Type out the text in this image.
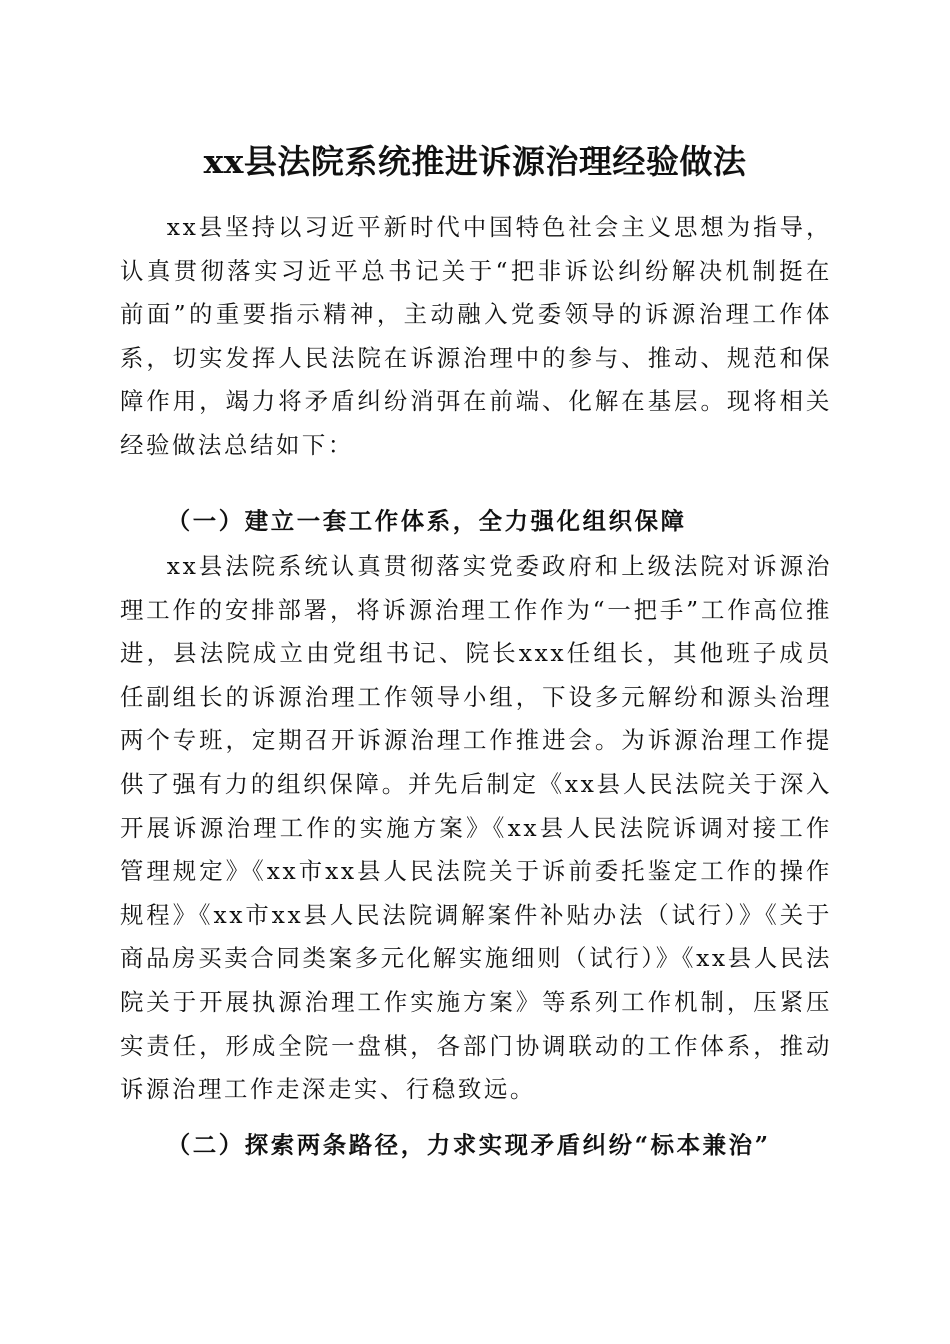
xx县法院系统推进诉源治理经验做法

xx县坚持以习近平新时代中国特色社会主义思想为指导，认真贯彻落实习近平总书记关于“把非诉讼纠纷解决机制挺在前面”的重要指示精神，主动融入党委领导的诉源治理工作体系，切实发挥人民法院在诉源治理中的参与、推动、规范和保障作用，竭力将矛盾纠纷消弭在前端、化解在基层。现将相关经验做法总结如下：

（一）建立一套工作体系，全力强化组织保障

xx县法院系统认真贯彻落实党委政府和上级法院对诉源治理工作的安排部署，将诉源治理工作作为“一把手”工作高位推进，县法院成立由党组书记、院长xxx任组长，其他班子成员任副组长的诉源治理工作领导小组，下设多元解纷和源头治理两个专班，定期召开诉源治理工作推进会。为诉源治理工作提供了强有力的组织保障。并先后制定《xx县人民法院关于深入开展诉源治理工作的实施方案》《xx县人民法院诉调对接工作管理规定》《xx市xx县人民法院关于诉前委托鉴定工作的操作规程》《xx市xx县人民法院调解案件补贴办法（试行）》《关于商品房买卖合同类案多元化解实施细则（试行）》《xx县人民法院关于开展执源治理工作实施方案》等系列工作机制，压紧压实责任，形成全院一盘棋，各部门协调联动的工作体系，推动诉源治理工作走深走实、行稳致远。

（二）探索两条路径，力求实现矛盾纠纷“标本兼治”
